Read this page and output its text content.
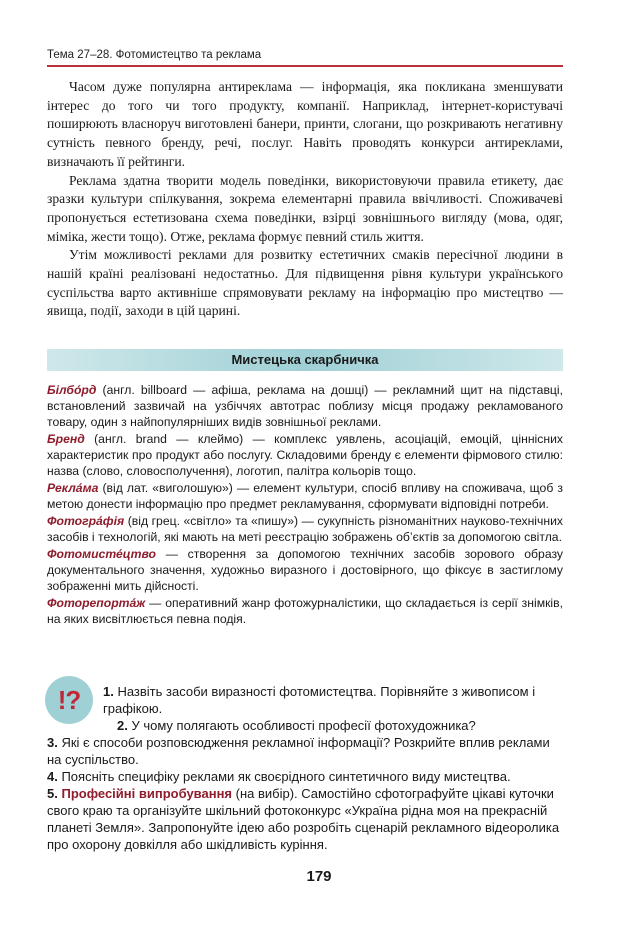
Тема 27–28. Фотомистецтво та реклама

Часом дуже популярна антиреклама — інформація, яка покликана зменшувати інтерес до того чи того продукту, компанії. Наприклад, інтернет-користувачі поширюють власноруч виготовлені банери, принти, слогани, що розкривають негативну сутність певного бренду, речі, послуг. Навіть проводять конкурси антиреклами, визначають її рейтинги.

Реклама здатна творити модель поведінки, використовуючи правила етикету, дає зразки культури спілкування, зокрема елементарні правила ввічливості. Споживачеві пропонується естетизована схема поведінки, взірці зовнішнього вигляду (мова, одяг, міміка, жести тощо). Отже, реклама формує певний стиль життя.

Утім можливості реклами для розвитку естетичних смаків пересічної людини в нашій країні реалізовані недостатньо. Для підвищення рівня культури українського суспільства варто активніше спрямовувати рекламу на інформацію про мистецтво — явища, події, заходи в цій царині.

Мистецька скарбничка

Білбо́рд (англ. billboard — афіша, реклама на дошці) — рекламний щит на підставці, встановлений зазвичай на узбіччях автотрас поблизу місця продажу рекламованого товару, один з найпопулярніших видів зовнішньої реклами.

Бренд (англ. brand — клеймо) — комплекс уявлень, асоціацій, емоцій, ціннісних характеристик про продукт або послугу. Складовими бренду є елементи фірмового стилю: назва (слово, словосполучення), логотип, палітра кольорів тощо.

Рекла́ма (від лат. «виголошую») — елемент культури, спосіб впливу на споживача, щоб з метою донести інформацію про предмет рекламування, сформувати відповідні потреби.

Фотогра́фія (від грец. «світло» та «пишу») — сукупність різноманітних науково-технічних засобів і технологій, які мають на меті реєстрацію зображень об’єктів за допомогою світла.

Фотомисте́цтво — створення за допомогою технічних засобів зорового образу документального значення, художньо виразного і достовірного, що фіксує в застиглому зображенні мить дійсності.

Фоторепорта́ж — оперативний жанр фотожурналістики, що складається із серії знімків, на яких висвітлюється певна подія.

!?	1. Назвіть засоби виразності фотомистецтва. Порівняйте з живописом і графікою.

2. У чому полягають особливості професії фотохудожника?

3. Які є способи розповсюдження рекламної інформації? Розкрийте вплив реклами на суспільство.

4. Поясніть специфіку реклами як своєрідного синтетичного виду мистецтва.

5. Професійні випробування (на вибір). Самостійно сфотографуйте цікаві куточки свого краю та організуйте шкільний фотоконкурс «Україна рідна моя на прекрасній планеті Земля». Запропонуйте ідею або розробіть сценарій рекламного відеоролика про охорону довкілля або шкідливість куріння.

179
